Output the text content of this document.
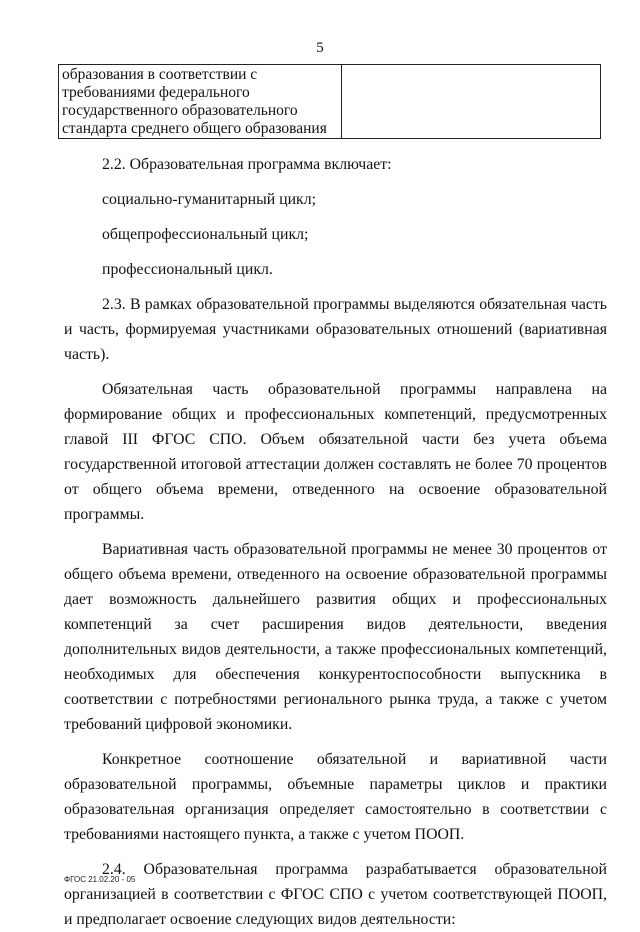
5
образования в соответствии с
требованиями федерального
государственного образовательного
стандарта среднего общего образования

2.2. Образовательная программа включает:

социально-гуманитарный цикл;

общепрофессиональный цикл;

профессиональный цикл.

2.3. В рамках образовательной программы выделяются обязательная часть и часть, формируемая участниками образовательных отношений (вариативная часть).

Обязательная часть образовательной программы направлена на формирование общих и профессиональных компетенций, предусмотренных главой III ФГОС СПО. Объем обязательной части без учета объема государственной итоговой аттестации должен составлять не более 70 процентов от общего объема времени, отведенного на освоение образовательной программы.

Вариативная часть образовательной программы не менее 30 процентов от общего объема времени, отведенного на освоение образовательной программы дает возможность дальнейшего развития общих и профессиональных компетенций за счет расширения видов деятельности, введения дополнительных видов деятельности, а также профессиональных компетенций, необходимых для обеспечения конкурентоспособности выпускника в соответствии с потребностями регионального рынка труда, а также с учетом требований цифровой экономики.

Конкретное соотношение обязательной и вариативной части образовательной программы, объемные параметры циклов и практики образовательная организация определяет самостоятельно в соответствии с требованиями настоящего пункта, а также с учетом ПООП.

2.4. Образовательная программа разрабатывается образовательной организацией в соответствии с ФГОС СПО с учетом соответствующей ПООП, и предполагает освоение следующих видов деятельности:

ФГОС 21.02.20 - 05
